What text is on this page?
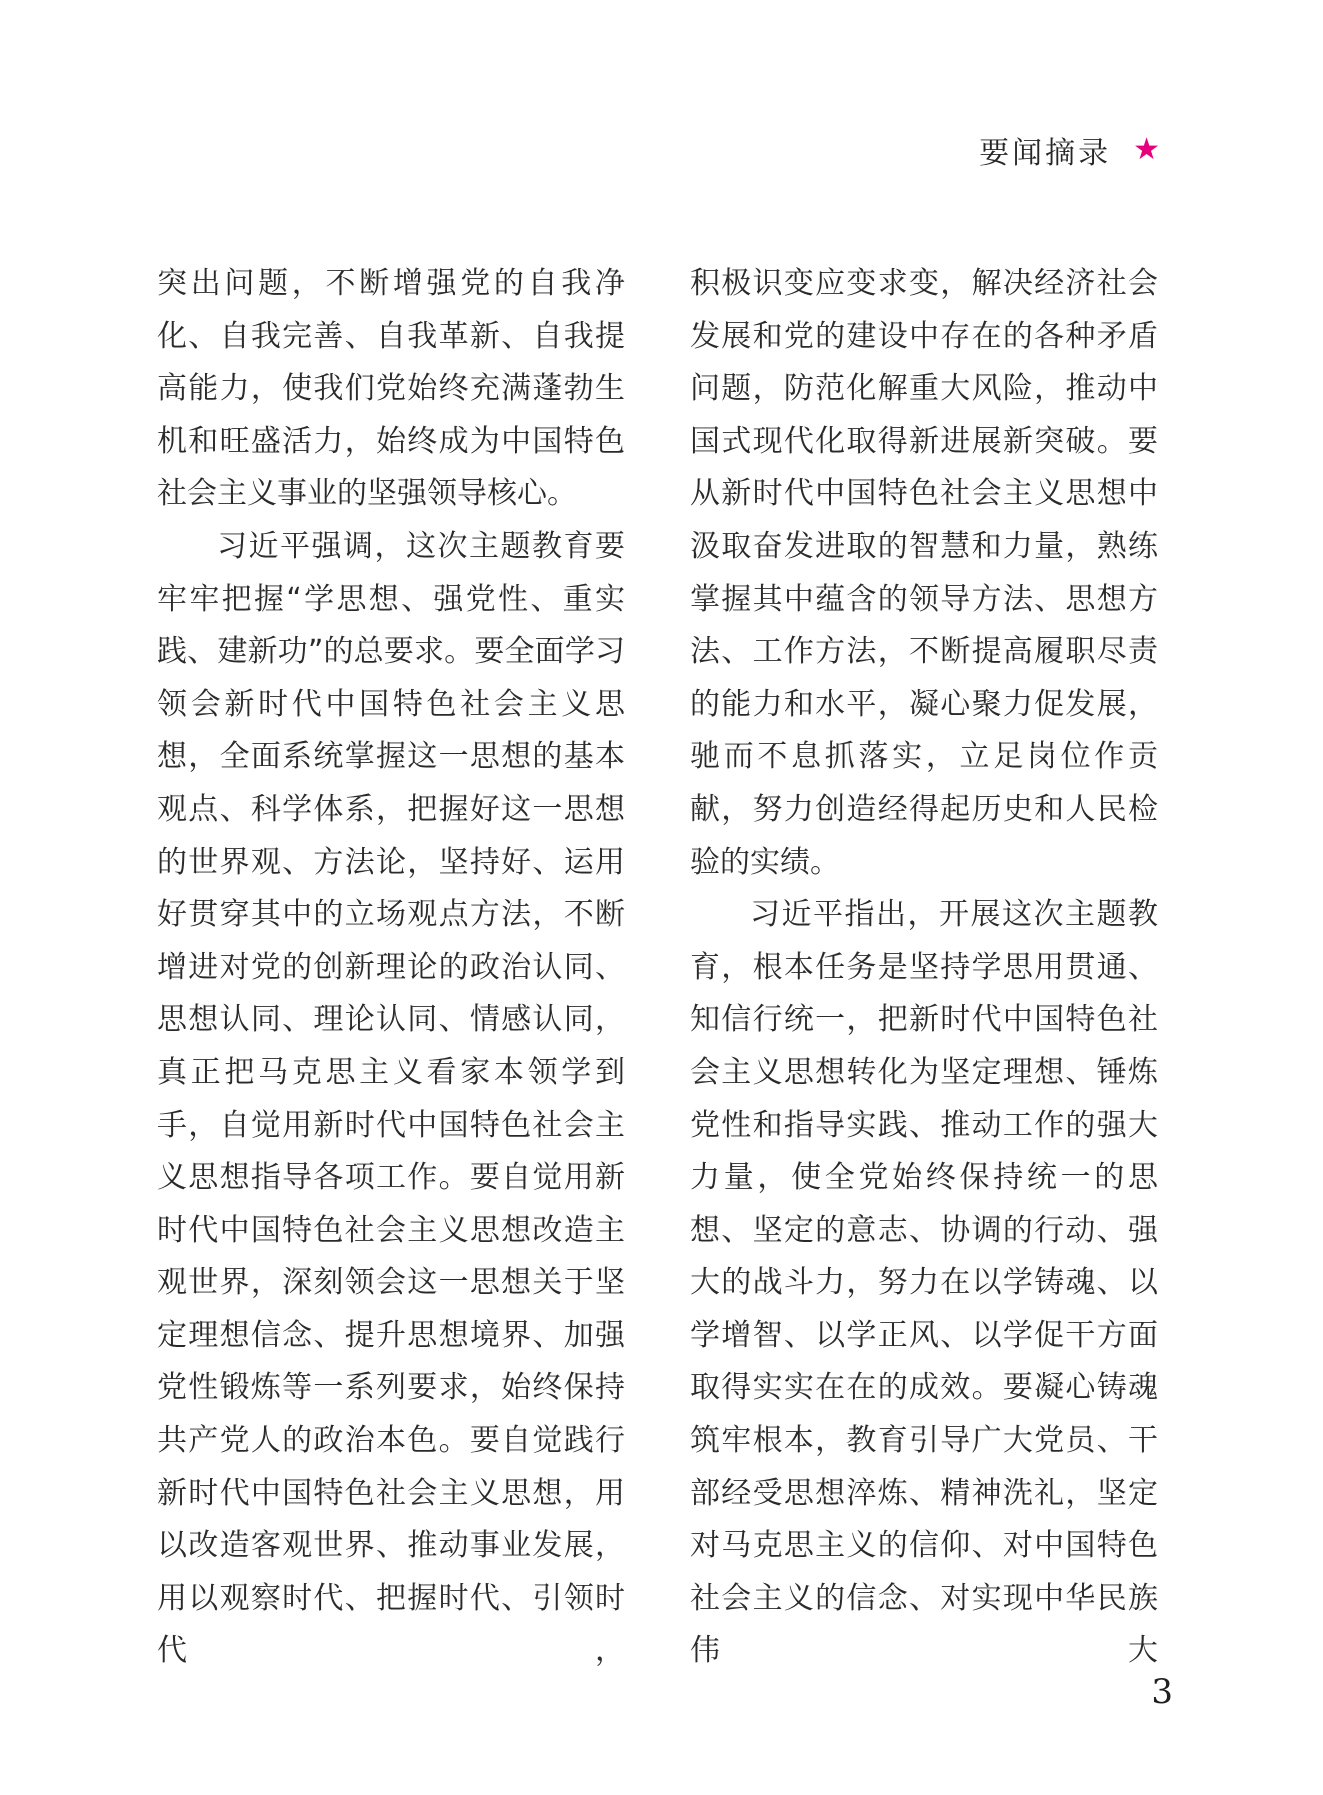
要闻摘录 ★

突出问题，不断增强党的自我净化、自我完善、自我革新、自我提高能力，使我们党始终充满蓬勃生机和旺盛活力，始终成为中国特色社会主义事业的坚强领导核心。

习近平强调，这次主题教育要牢牢把握“学思想、强党性、重实践、建新功”的总要求。要全面学习领会新时代中国特色社会主义思想，全面系统掌握这一思想的基本观点、科学体系，把握好这一思想的世界观、方法论，坚持好、运用好贯穿其中的立场观点方法，不断增进对党的创新理论的政治认同、思想认同、理论认同、情感认同，真正把马克思主义看家本领学到手，自觉用新时代中国特色社会主义思想指导各项工作。要自觉用新时代中国特色社会主义思想改造主观世界，深刻领会这一思想关于坚定理想信念、提升思想境界、加强党性锻炼等一系列要求，始终保持共产党人的政治本色。要自觉践行新时代中国特色社会主义思想，用以改造客观世界、推动事业发展，用以观察时代、把握时代、引领时代，

积极识变应变求变，解决经济社会发展和党的建设中存在的各种矛盾问题，防范化解重大风险，推动中国式现代化取得新进展新突破。要从新时代中国特色社会主义思想中汲取奋发进取的智慧和力量，熟练掌握其中蕴含的领导方法、思想方法、工作方法，不断提高履职尽责的能力和水平，凝心聚力促发展，驰而不息抓落实，立足岗位作贡献，努力创造经得起历史和人民检验的实绩。

习近平指出，开展这次主题教育，根本任务是坚持学思用贯通、知信行统一，把新时代中国特色社会主义思想转化为坚定理想、锤炼党性和指导实践、推动工作的强大力量，使全党始终保持统一的思想、坚定的意志、协调的行动、强大的战斗力，努力在以学铸魂、以学增智、以学正风、以学促干方面取得实实在在的成效。要凝心铸魂筑牢根本，教育引导广大党员、干部经受思想淬炼、精神洗礼，坚定对马克思主义的信仰、对中国特色社会主义的信念、对实现中华民族伟大

3
